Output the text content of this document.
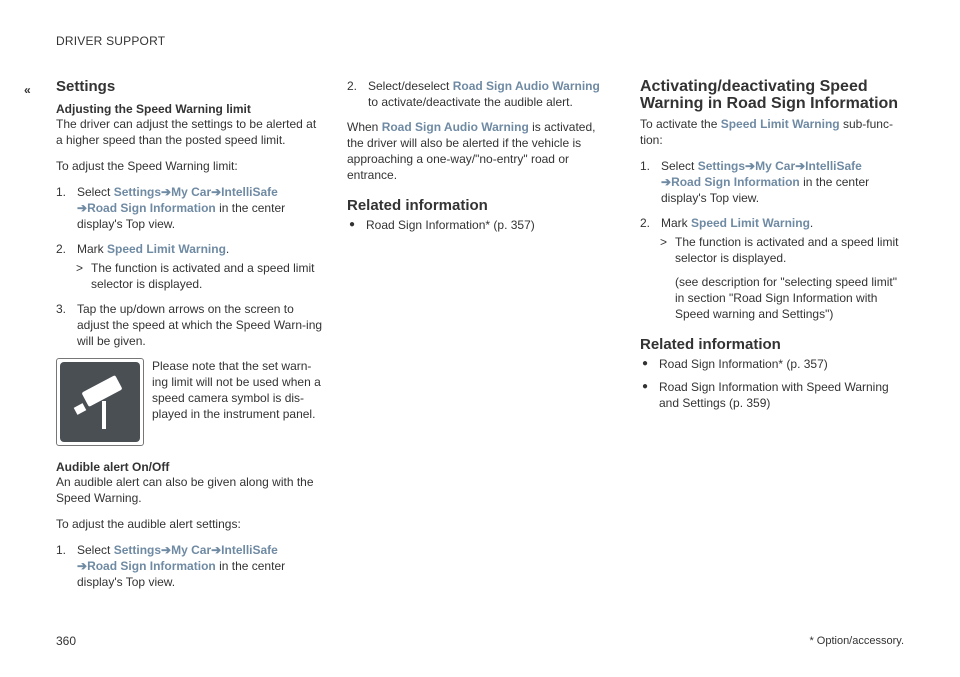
DRIVER SUPPORT
« Settings
Adjusting the Speed Warning limit

The driver can adjust the settings to be alerted at a higher speed than the posted speed limit.

To adjust the Speed Warning limit:

1. Select Settings➔My Car➔IntelliSafe
➔Road Sign Information in the center display's Top view.
2. Mark Speed Limit Warning.
> The function is activated and a speed limit selector is displayed.
3. Tap the up/down arrows on the screen to adjust the speed at which the Speed Warn-ing will be given.

Please note that the set warn-ing limit will not be used when a speed camera symbol is dis-played in the instrument panel.

Audible alert On/Off

An audible alert can also be given along with the Speed Warning.

To adjust the audible alert settings:

1. Select Settings➔My Car➔IntelliSafe
➔Road Sign Information in the center display's Top view.
2. Select/deselect Road Sign Audio Warning
to activate/deactivate the audible alert.

When Road Sign Audio Warning is activated, the driver will also be alerted if the vehicle is approaching a one-way/"no-entry" road or entrance.

Related information
● Road Sign Information* (p. 357)
Activating/deactivating Speed Warning in Road Sign Information

To activate the Speed Limit Warning sub-func-tion:

1. Select Settings➔My Car➔IntelliSafe
➔Road Sign Information in the center display's Top view.
2. Mark Speed Limit Warning.
> The function is activated and a speed limit selector is displayed.
(see description for "selecting speed limit" in section "Road Sign Information with Speed warning and Settings")
Related information
● Road Sign Information* (p. 357)
● Road Sign Information with Speed Warning and Settings (p. 359)
360	* Option/accessory.
